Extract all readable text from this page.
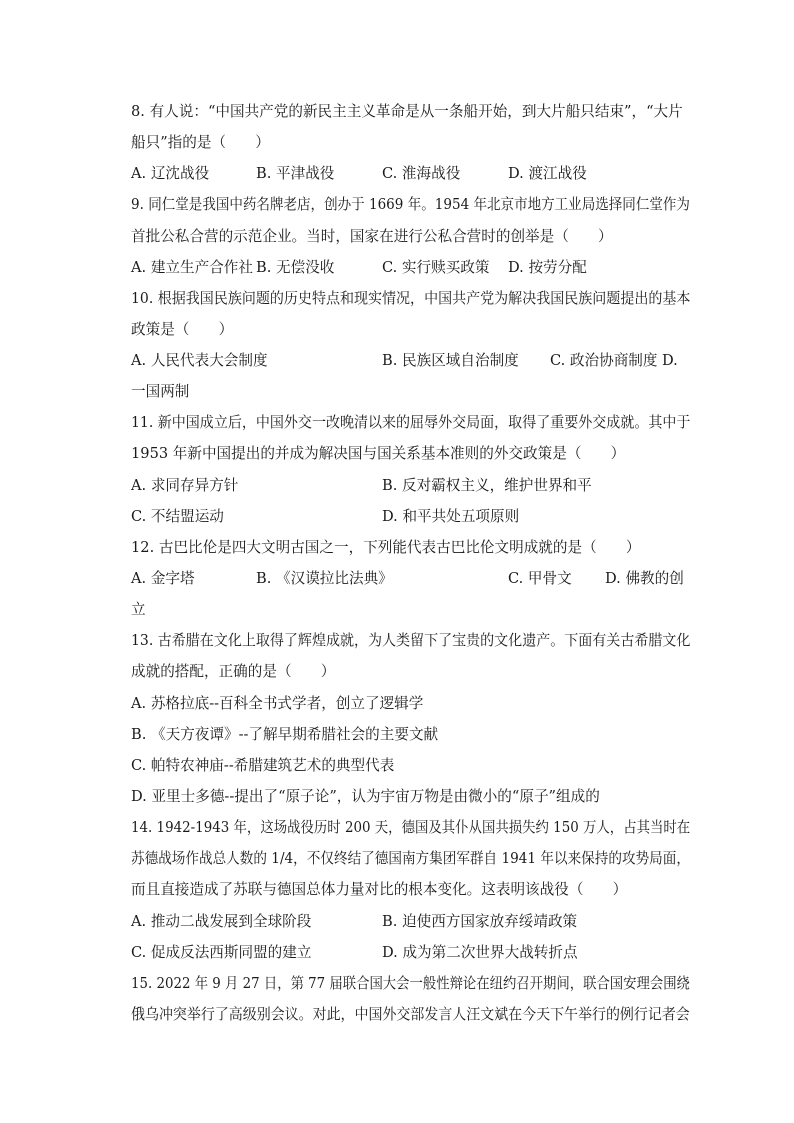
8. 有人说：“中国共产党的新民主主义革命是从一条船开始，到大片船只结束”，“大片
船只”指的是（　　）
A. 辽沈战役	B. 平津战役	C. 淮海战役	D. 渡江战役
9. 同仁堂是我国中药名牌老店，创办于 1669 年。1954 年北京市地方工业局选择同仁堂作为
首批公私合营的示范企业。当时，国家在进行公私合营时的创举是（　　）
A. 建立生产合作社 B. 无偿没收	C. 实行赎买政策 D. 按劳分配
10. 根据我国民族问题的历史特点和现实情况，中国共产党为解决我国民族问题提出的基本
政策是（　　）
A. 人民代表大会制度	B. 民族区域自治制度 C. 政治协商制度 D.
一国两制
11. 新中国成立后，中国外交一改晚清以来的屈辱外交局面，取得了重要外交成就。其中于
1953 年新中国提出的并成为解决国与国关系基本准则的外交政策是（　　）
A. 求同存异方针	B. 反对霸权主义，维护世界和平
C. 不结盟运动	D. 和平共处五项原则
12. 古巴比伦是四大文明古国之一，下列能代表古巴比伦文明成就的是（　　）
A. 金字塔	B. 《汉谟拉比法典》	C. 甲骨文 D. 佛教的创
立
13. 古希腊在文化上取得了辉煌成就，为人类留下了宝贵的文化遗产。下面有关古希腊文化
成就的搭配，正确的是（　　）
A. 苏格拉底--百科全书式学者，创立了逻辑学
B. 《天方夜谭》--了解早期希腊社会的主要文献
C. 帕特农神庙--希腊建筑艺术的典型代表
D. 亚里士多德--提出了“原子论”，认为宇宙万物是由微小的“原子”组成的
14. 1942-1943 年，这场战役历时 200 天，德国及其仆从国共损失约 150 万人，占其当时在
苏德战场作战总人数的 1/4，不仅终结了德国南方集团军群自 1941 年以来保持的攻势局面，
而且直接造成了苏联与德国总体力量对比的根本变化。这表明该战役（　　）
A. 推动二战发展到全球阶段	B. 迫使西方国家放弃绥靖政策
C. 促成反法西斯同盟的建立	D. 成为第二次世界大战转折点
15. 2022 年 9 月 27 日，第 77 届联合国大会一般性辩论在纽约召开期间，联合国安理会围绕
俄乌冲突举行了高级别会议。对此，中国外交部发言人汪文斌在今天下午举行的例行记者会
